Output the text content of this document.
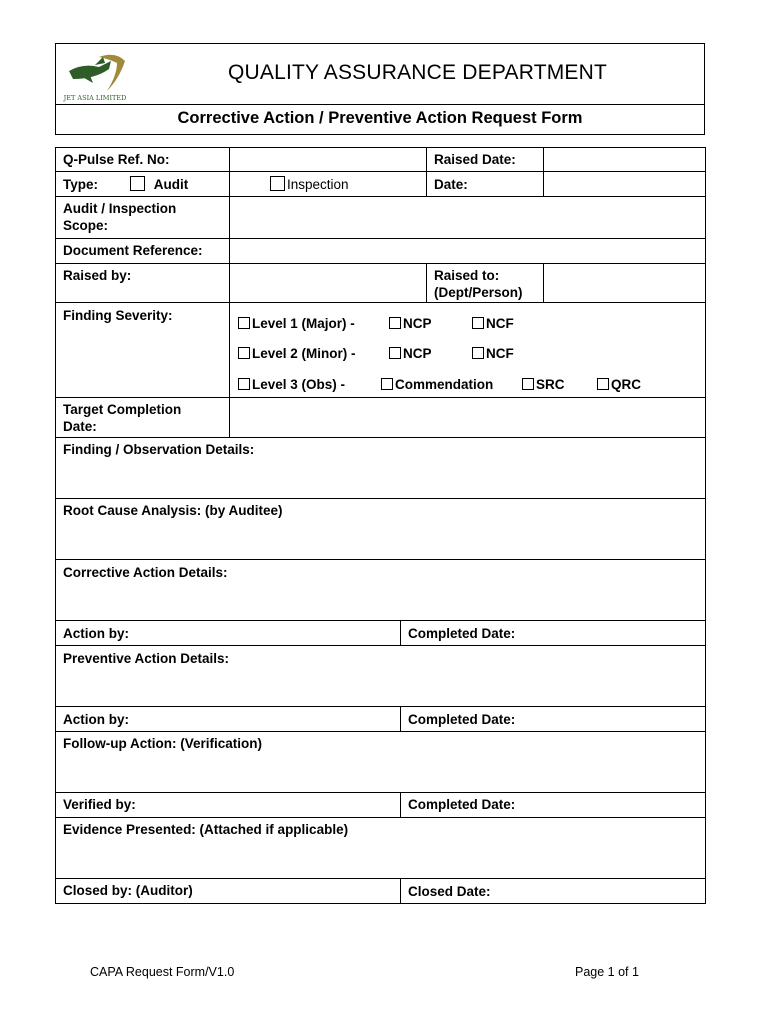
JET ASIA LIMITED
QUALITY ASSURANCE DEPARTMENT
Corrective Action / Preventive Action Request Form
Q-Pulse Ref. No:	Raised Date:
Type:	Audit	Inspection	Date:
Audit / Inspection
Scope:
Document Reference:
Raised by:	Raised to:
(Dept/Person)
Finding Severity:
Level 1 (Major) -	NCP	NCF
Level 2 (Minor) -	NCP	NCF
Level 3 (Obs) -	Commendation	SRC	QRC
Target Completion
Date:
Finding / Observation Details:
Root Cause Analysis: (by Auditee)
Corrective Action Details:
Action by:	Completed Date:
Preventive Action Details:
Action by:	Completed Date:
Follow-up Action: (Verification)
Verified by:	Completed Date:
Evidence Presented: (Attached if applicable)
Closed by: (Auditor)	Closed Date:
CAPA Request Form/V1.0	Page 1 of 1
